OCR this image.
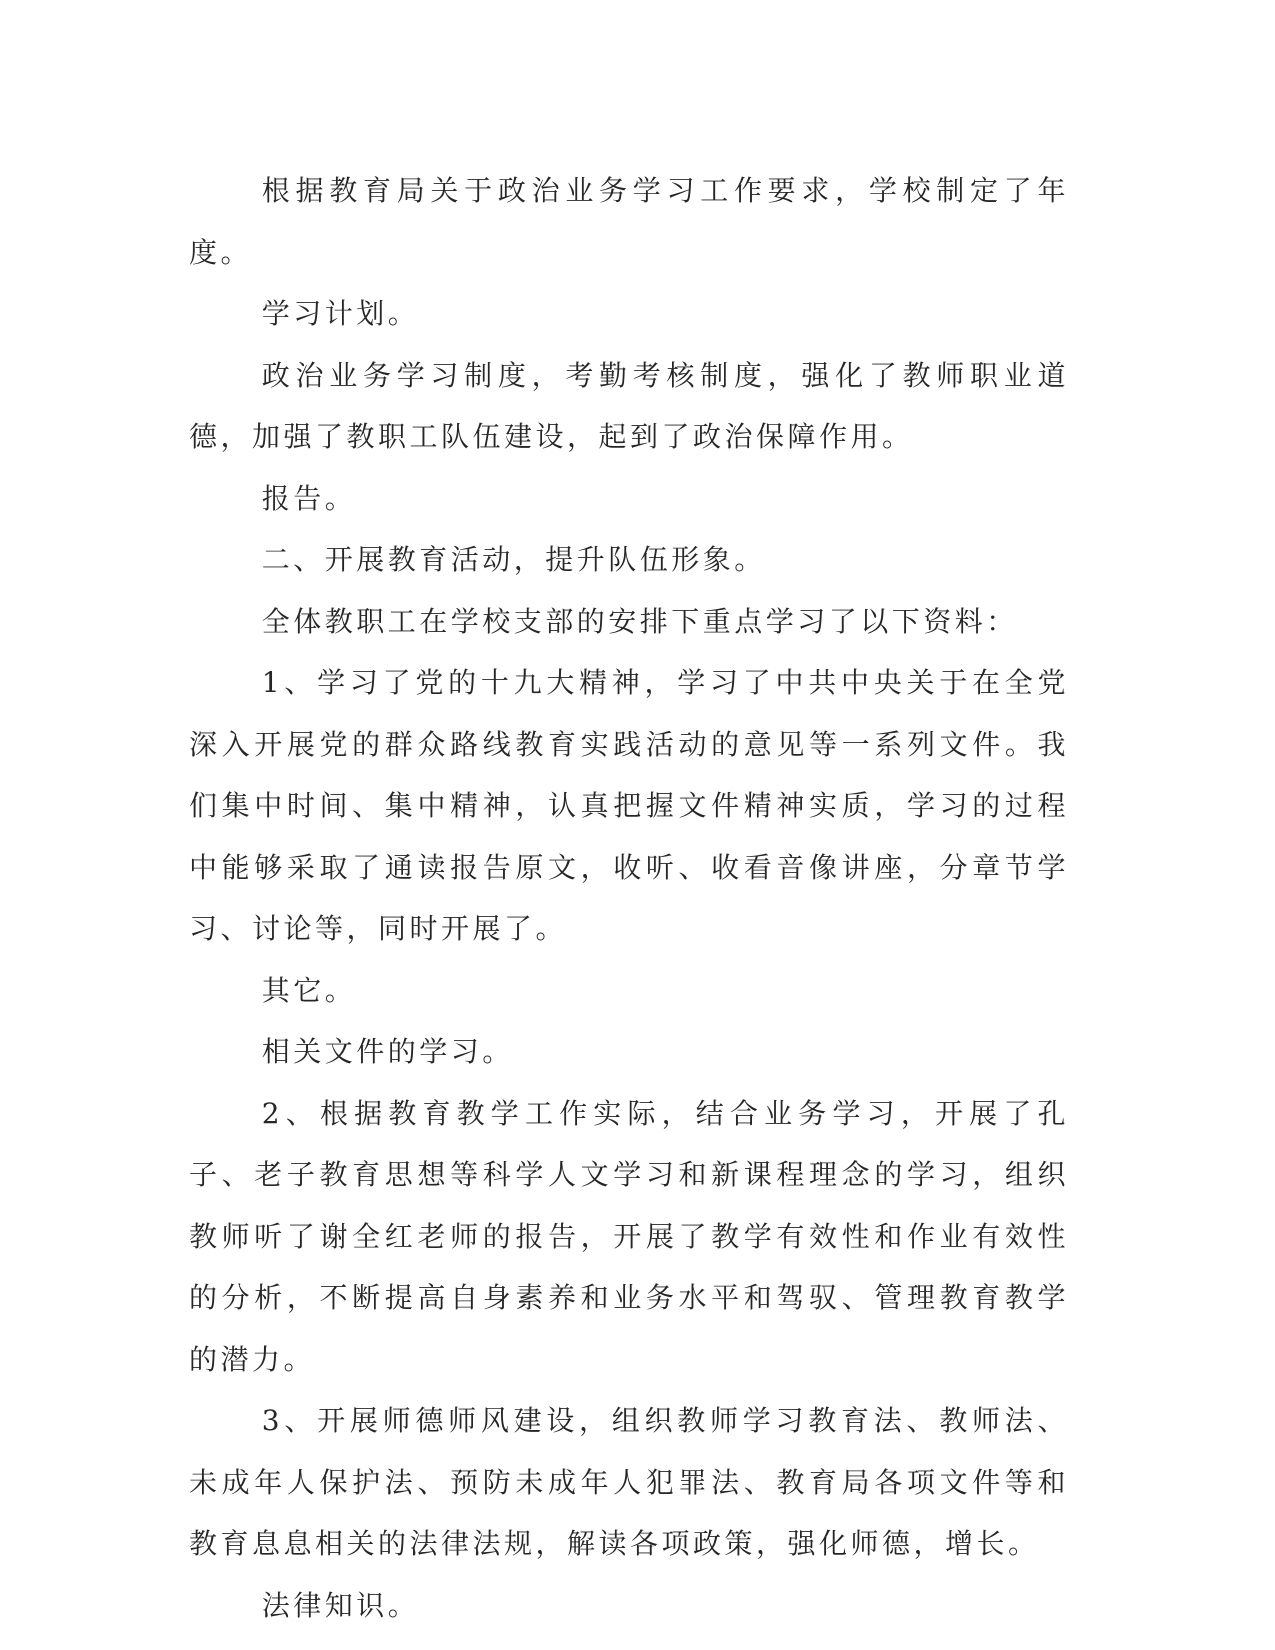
根据教育局关于政治业务学习工作要求，学校制定了年度。

学习计划。

政治业务学习制度，考勤考核制度，强化了教师职业道德，加强了教职工队伍建设，起到了政治保障作用。

报告。

二、开展教育活动，提升队伍形象。

全体教职工在学校支部的安排下重点学习了以下资料：

1、学习了党的十九大精神，学习了中共中央关于在全党深入开展党的群众路线教育实践活动的意见等一系列文件。我们集中时间、集中精神，认真把握文件精神实质，学习的过程中能够采取了通读报告原文，收听、收看音像讲座，分章节学习、讨论等，同时开展了。

其它。

相关文件的学习。

2、根据教育教学工作实际，结合业务学习，开展了孔子、老子教育思想等科学人文学习和新课程理念的学习，组织教师听了谢全红老师的报告，开展了教学有效性和作业有效性的分析，不断提高自身素养和业务水平和驾驭、管理教育教学的潜力。

3、开展师德师风建设，组织教师学习教育法、教师法、未成年人保护法、预防未成年人犯罪法、教育局各项文件等和教育息息相关的法律法规，解读各项政策，强化师德，增长。

法律知识。
